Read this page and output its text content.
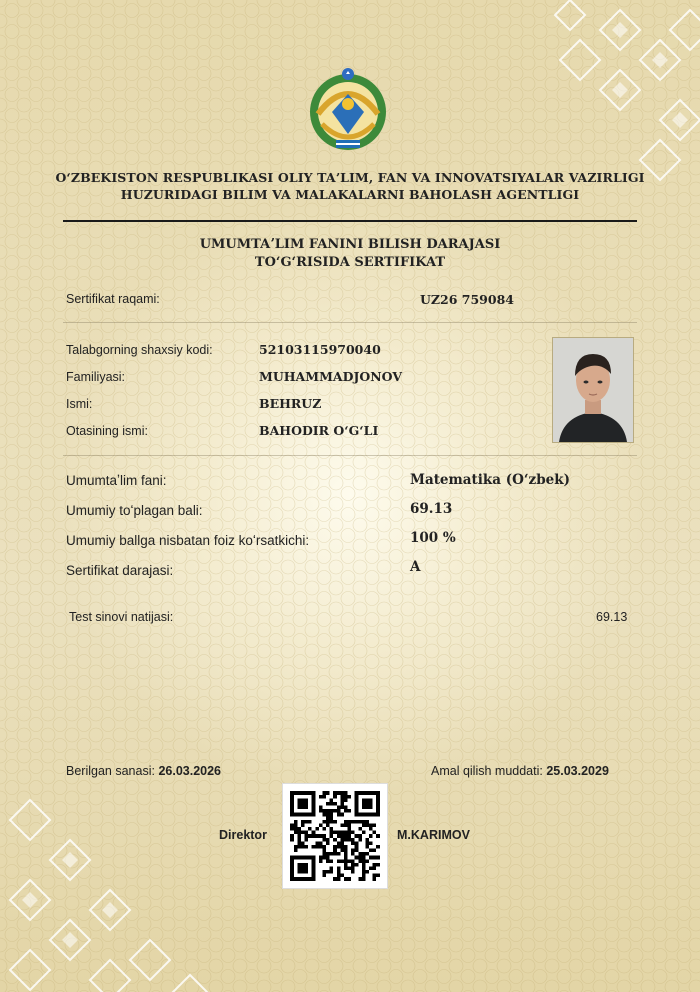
OʻZBEKISTON RESPUBLIKASI OLIY TAʼLIM, FAN VA INNOVATSIYALAR VAZIRLIGI
HUZURIDAGI BILIM VA MALAKALARNI BAHOLASH AGENTLIGI
UMUMTAʼLIM FANINI BILISH DARAJASI
TOʻGʻRISIDA SERTIFIKAT
Sertifikat raqami:	UZ26 759084
Talabgorning shaxsiy kodi:	52103115970040
Familiyasi:	MUHAMMADJONOV
Ismi:	BEHRUZ
Otasining ismi:	BAHODIR OʻGʻLI
Umumtaʼlim fani:	Matematika (Oʻzbek)
Umumiy toʻplagan bali:	69.13
Umumiy ballga nisbatan foiz koʻrsatkichi:	100 %
Sertifikat darajasi:	A
Test sinovi natijasi:	69.13
Berilgan sanasi: 26.03.2026	Amal qilish muddati: 25.03.2029
Direktor	M.KARIMOV
